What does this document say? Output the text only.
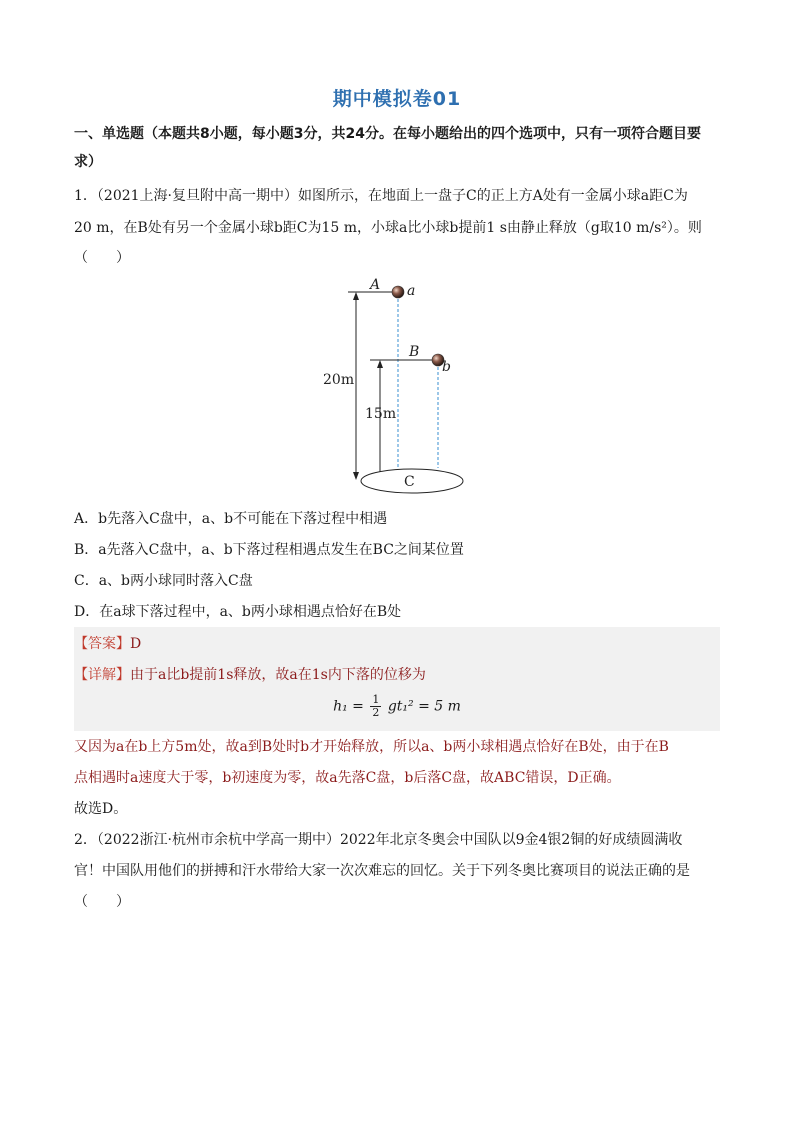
期中模拟卷01
一、单选题（本题共8小题，每小题3分，共24分。在每小题给出的四个选项中，只有一项符合题目要
求）
1．（2021上海·复旦附中高一期中）如图所示，在地面上一盘子C的正上方A处有一金属小球a距C为
20 m，在B处有另一个金属小球b距C为15 m，小球a比小球b提前1 s由静止释放（g取10 m/s²）。则
（　　）
A a
20m
B
b
15m
C
A．b先落入C盘中，a、b不可能在下落过程中相遇
B．a先落入C盘中，a、b下落过程相遇点发生在BC之间某位置
C．a、b两小球同时落入C盘
D．在a球下落过程中，a、b两小球相遇点恰好在B处
【答案】D
【详解】由于a比b提前1s释放，故a在1s内下落的位移为
$h_1 = \frac{1}{2} gt_1^2 = 5$ m
又因为a在b上方5m处，故a到B处时b才开始释放，所以a、b两小球相遇点恰好在B处，由于在B
点相遇时a速度大于零，b初速度为零，故a先落C盘，b后落C盘，故ABC错误，D正确。
故选D。
2．（2022浙江·杭州市余杭中学高一期中）2022年北京冬奥会中国队以9金4银2铜的好成绩圆满收
官！中国队用他们的拼搏和汗水带给大家一次次难忘的回忆。关于下列冬奥比赛项目的说法正确的是
（　　）
